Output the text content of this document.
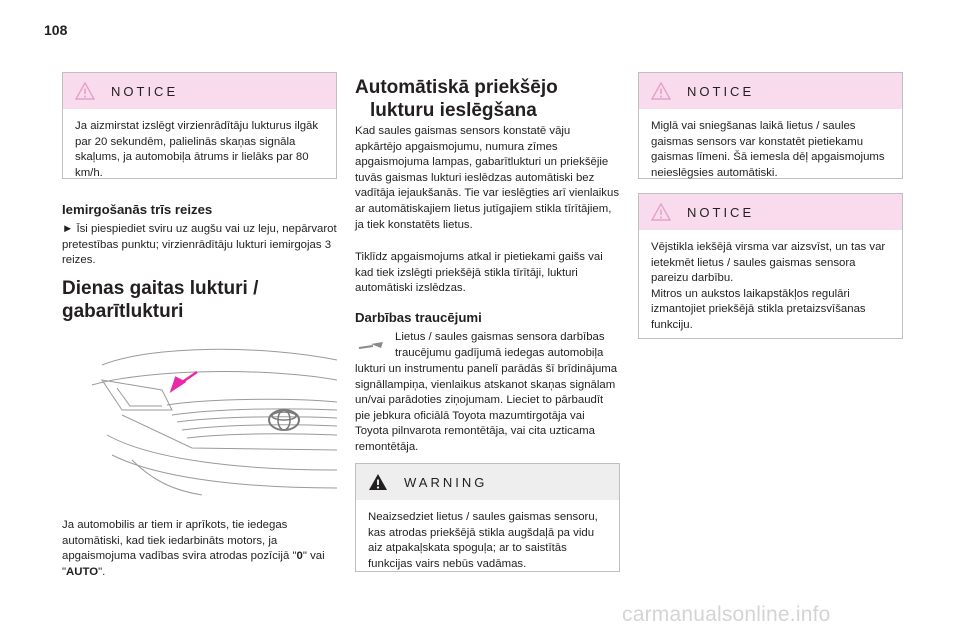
108
NOTICE
Ja aizmirstat izslēgt virzienrādītāju lukturus ilgāk par 20 sekundēm, palielinās skaņas signāla skaļums, ja automobiļa ātrums ir lielāks par 80 km/h.
Iemirgošanās trīs reizes
► Īsi piespiediet sviru uz augšu vai uz leju, nepārvarot pretestības punktu; virzienrādītāju lukturi iemirgojas 3 reizes.
Dienas gaitas lukturi /
gabarītlukturi
Ja automobilis ar tiem ir aprīkots, tie iedegas automātiski, kad tiek iedarbināts motors, ja apgaismojuma vadības svira atrodas pozīcijā "0" vai "AUTO".
Automātiskā priekšējo
lukturu ieslēgšana
Kad saules gaismas sensors konstatē vāju apkārtējo apgaismojumu, numura zīmes apgaismojuma lampas, gabarītlukturi un priekšējie tuvās gaismas lukturi ieslēdzas automātiski bez vadītāja iejaukšanās. Tie var ieslēgties arī vienlaikus ar automātiskajiem lietus jutīgajiem stikla tīrītājiem, ja tiek konstatēts lietus.
Tiklīdz apgaismojums atkal ir pietiekami gaišs vai kad tiek izslēgti priekšējā stikla tīrītāji, lukturi automātiski izslēdzas.
Darbības traucējumi
Lietus / saules gaismas sensora darbības traucējumu gadījumā iedegas automobiļa
lukturi un instrumentu panelī parādās šī brīdinājuma signāllampiņa, vienlaikus atskanot skaņas signālam un/vai parādoties ziņojumam. Lieciet to pārbaudīt pie jebkura oficiālā Toyota mazumtirgotāja vai Toyota pilnvarota remontētāja, vai cita uzticama remontētāja.
WARNING
Neaizsedziet lietus / saules gaismas sensoru, kas atrodas priekšējā stikla augšdaļā pa vidu aiz atpakaļskata spoguļa; ar to saistītās funkcijas vairs nebūs vadāmas.
NOTICE
Miglā vai sniegšanas laikā lietus / saules gaismas sensors var konstatēt pietiekamu gaismas līmeni. Šā iemesla dēļ apgaismojums neieslēgsies automātiski.
NOTICE
Vējstikla iekšējā virsma var aizsvīst, un tas var ietekmēt lietus / saules gaismas sensora pareizu darbību.
Mitros un aukstos laikapstākļos regulāri izmantojiet priekšējā stikla pretaizsvīšanas funkciju.
carmanualsonline.info
